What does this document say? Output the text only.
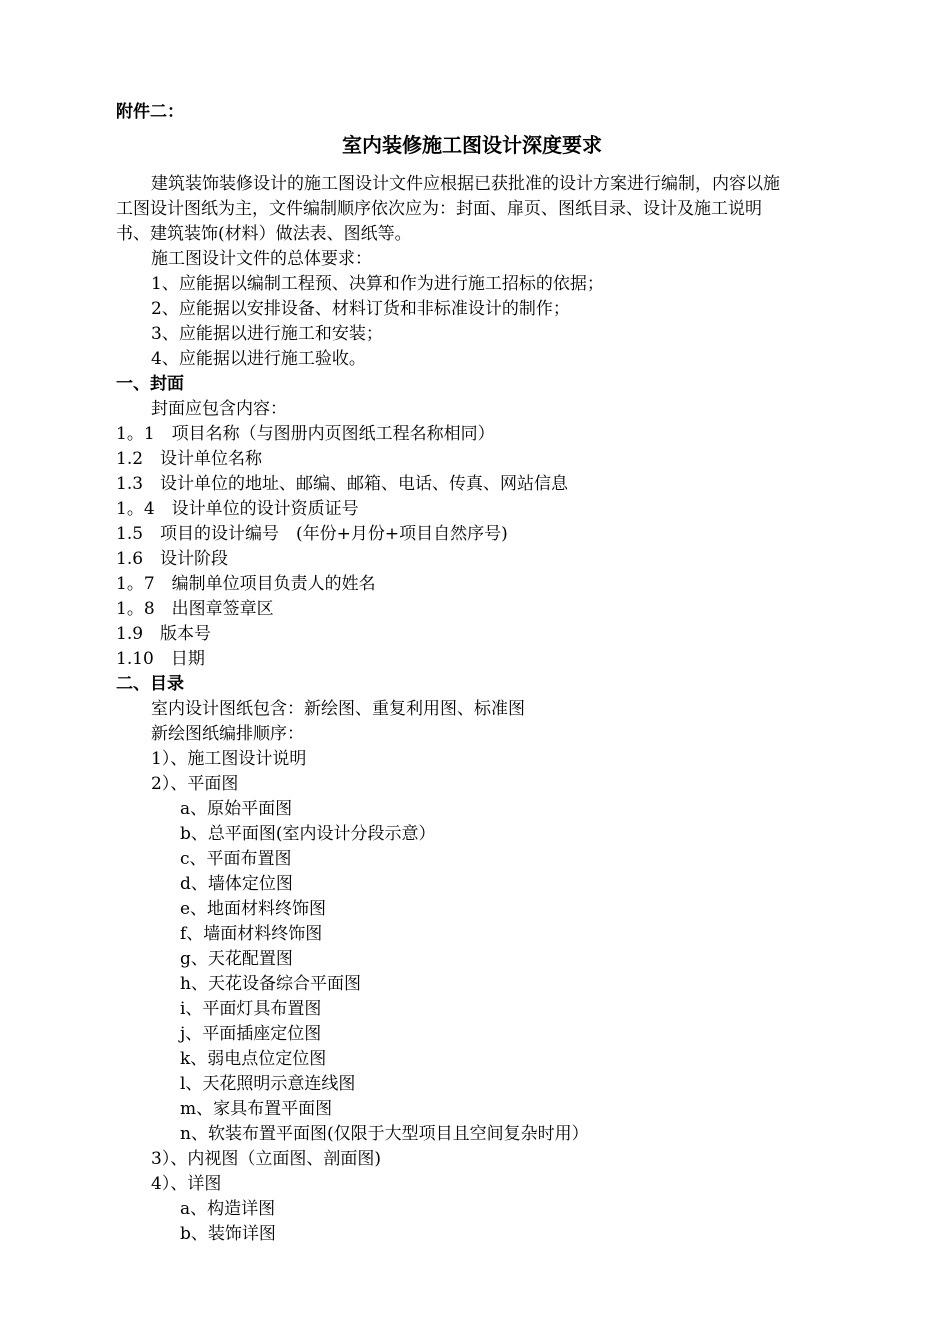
附件二：
室内装修施工图设计深度要求
建筑装饰装修设计的施工图设计文件应根据已获批准的设计方案进行编制，内容以施
工图设计图纸为主，文件编制顺序依次应为：封面、扉页、图纸目录、设计及施工说明
书、建筑装饰(材料）做法表、图纸等。
施工图设计文件的总体要求：
1、应能据以编制工程预、决算和作为进行施工招标的依据；
2、应能据以安排设备、材料订货和非标准设计的制作；
3、应能据以进行施工和安装；
4、应能据以进行施工验收。
一、封面
封面应包含内容：
1。1　项目名称（与图册内页图纸工程名称相同）
1.2　设计单位名称
1.3　设计单位的地址、邮编、邮箱、电话、传真、网站信息
1。4　设计单位的设计资质证号
1.5　项目的设计编号　(年份+月份+项目自然序号)
1.6　设计阶段
1。7　编制单位项目负责人的姓名
1。8　出图章签章区
1.9　版本号
1.10　日期
二、目录
室内设计图纸包含：新绘图、重复利用图、标准图
新绘图纸编排顺序：
1）、施工图设计说明
2）、平面图
a、原始平面图
b、总平面图(室内设计分段示意）
c、平面布置图
d、墙体定位图
e、地面材料终饰图
f、墙面材料终饰图
g、天花配置图
h、天花设备综合平面图
i、平面灯具布置图
j、平面插座定位图
k、弱电点位定位图
l、天花照明示意连线图
m、家具布置平面图
n、软装布置平面图(仅限于大型项目且空间复杂时用）
3）、内视图（立面图、剖面图)
4）、详图
a、构造详图
b、装饰详图
